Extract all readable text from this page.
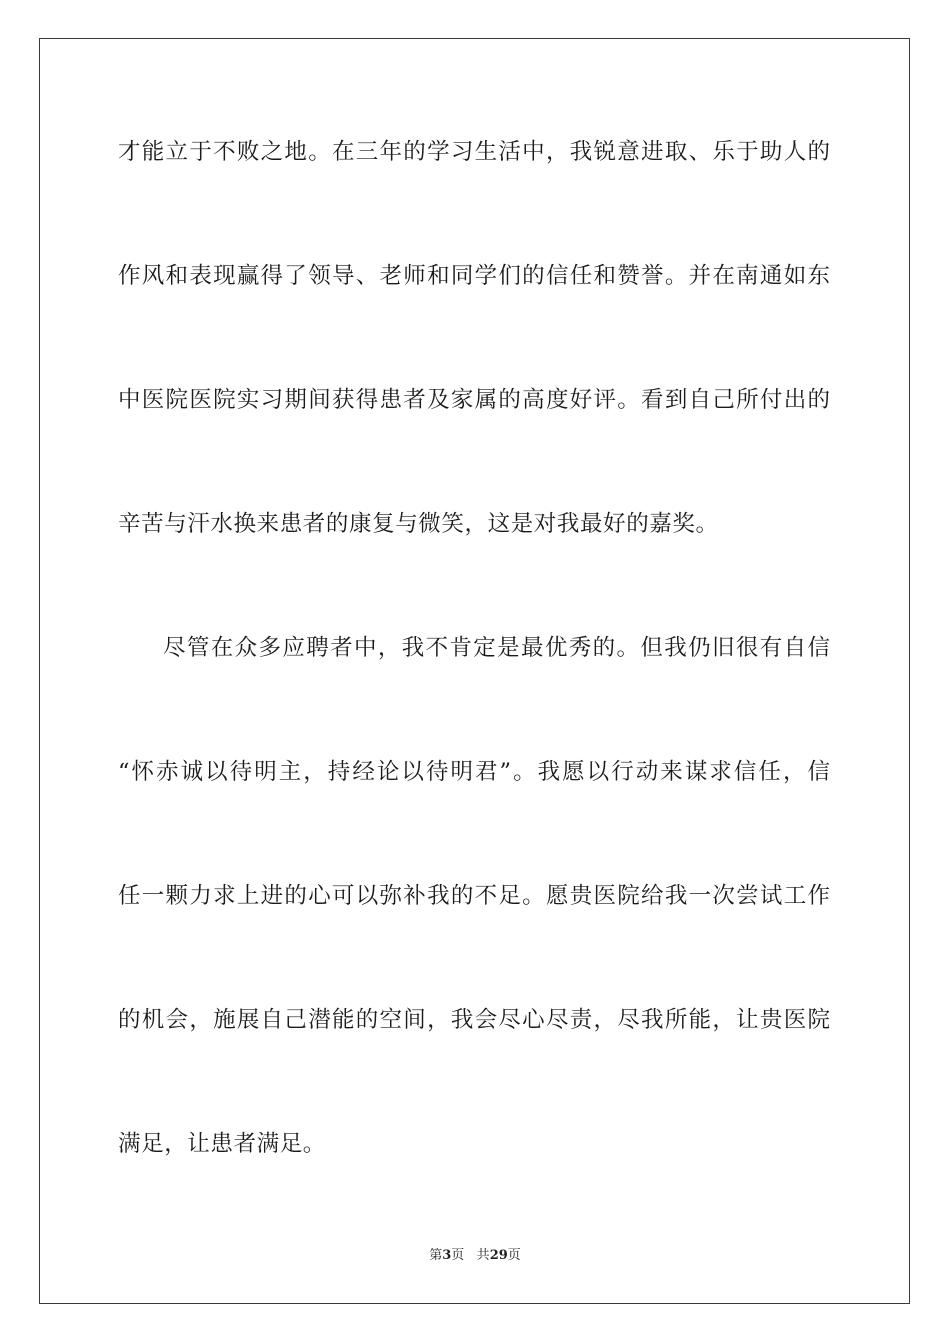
才能立于不败之地。在三年的学习生活中，我锐意进取、乐于助人的
作风和表现赢得了领导、老师和同学们的信任和赞誉。并在南通如东
中医院医院实习期间获得患者及家属的高度好评。看到自己所付出的
辛苦与汗水换来患者的康复与微笑，这是对我最好的嘉奖。
尽管在众多应聘者中，我不肯定是最优秀的。但我仍旧很有自信
“怀赤诚以待明主，持经论以待明君”。我愿以行动来谋求信任，信
任一颗力求上进的心可以弥补我的不足。愿贵医院给我一次尝试工作
的机会，施展自己潜能的空间，我会尽心尽责，尽我所能，让贵医院
满足，让患者满足。
第3页 共29页
